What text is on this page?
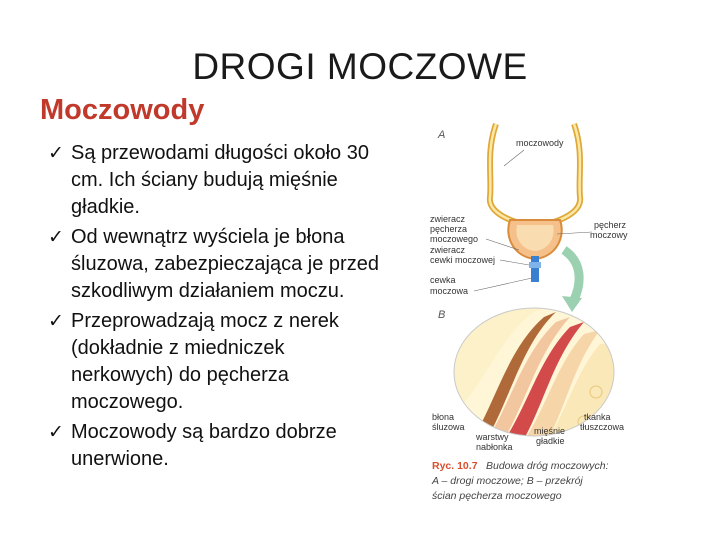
DROGI MOCZOWE
Moczowody
✓ Są przewodami długości około 30 cm. Ich ściany budują mięśnie gładkie.
✓ Od wewnątrz wyściela je błona śluzowa, zabezpieczająca je przed szkodliwym działaniem moczu.
✓ Przeprowadzają mocz z nerek (dokładnie z miedniczek nerkowych) do pęcherza moczowego.
✓ Moczowody są bardzo dobrze unerwione.
A
moczowody
zwieracz
pęcherza
moczowego
zwieracz
cewki moczowej
cewka
moczowa
pęcherz
moczowy
B
błona
śluzowa
warstwy
nabłonka
mięśnie
gładkie
tkanka
tłuszczowa
Ryc. 10.7 Budowa dróg moczowych:
A – drogi moczowe; B – przekrój
ścian pęcherza moczowego
